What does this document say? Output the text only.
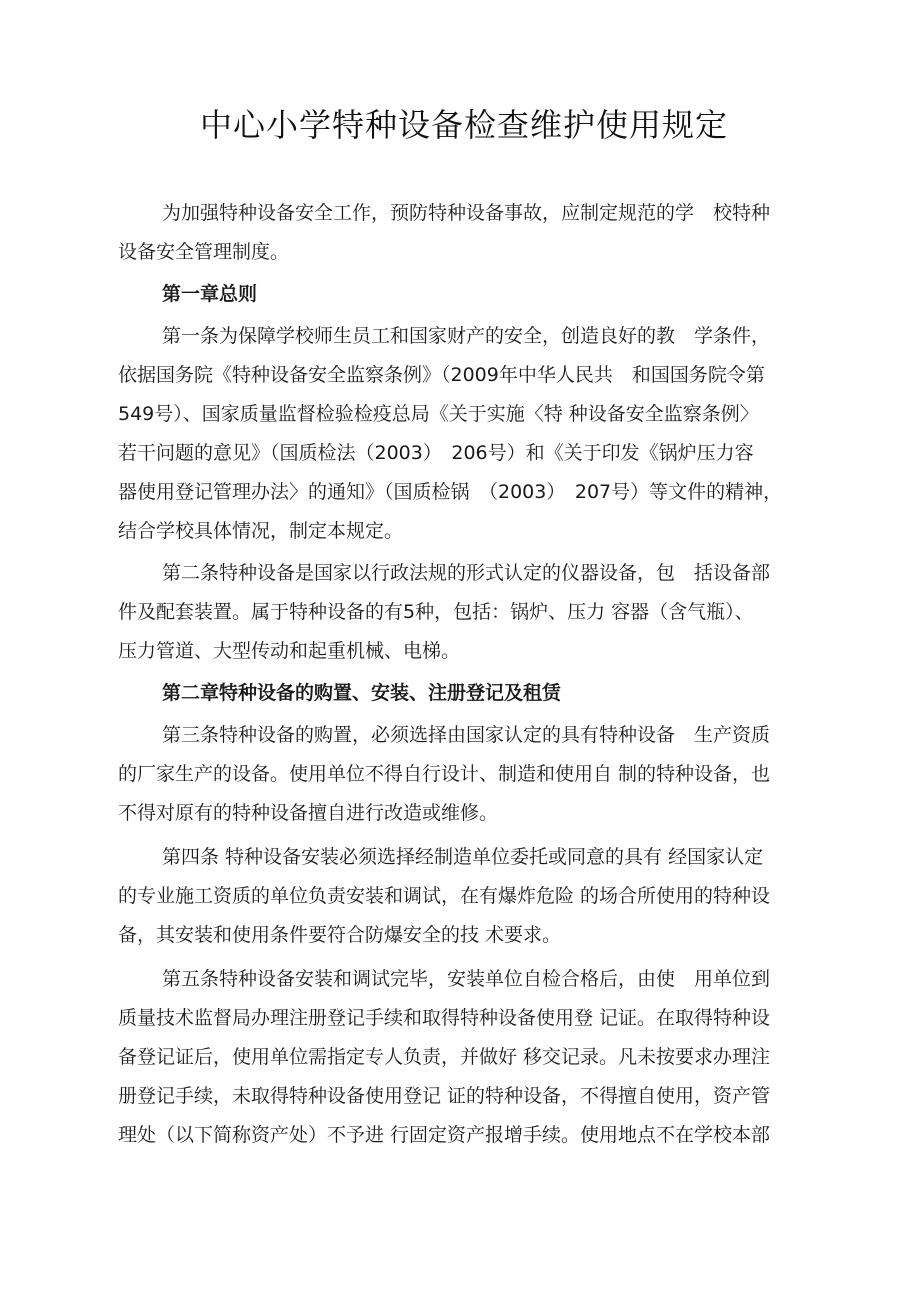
中心小学特种设备检查维护使用规定
为加强特种设备安全工作，预防特种设备事故，应制定规范的学　校特种
设备安全管理制度。
第一章总则
第一条为保障学校师生员工和国家财产的安全，创造良好的教　学条件，
依据国务院《特种设备安全监察条例》（2009年中华人民共　和国国务院令第
549号）、国家质量监督检验检疫总局《关于实施〈特 种设备安全监察条例〉
若干问题的意见》（国质检法（2003）　206号）和《关于印发《锅炉压力容
器使用登记管理办法〉的通知》（国质检锅　（2003）　207号）等文件的精神，
结合学校具体情况，制定本规定。
第二条特种设备是国家以行政法规的形式认定的仪器设备，包　括设备部
件及配套装置。属于特种设备的有5种，包括：锅炉、压力 容器（含气瓶）、
压力管道、大型传动和起重机械、电梯。
第二章特种设备的购置、安装、注册登记及租赁
第三条特种设备的购置，必须选择由国家认定的具有特种设备　生产资质
的厂家生产的设备。使用单位不得自行设计、制造和使用自 制的特种设备，也
不得对原有的特种设备擅自进行改造或维修。
第四条 特种设备安装必须选择经制造单位委托或同意的具有 经国家认定
的专业施工资质的单位负责安装和调试，在有爆炸危险 的场合所使用的特种设
备，其安装和使用条件要符合防爆安全的技 术要求。
第五条特种设备安装和调试完毕，安装单位自检合格后，由使　用单位到
质量技术监督局办理注册登记手续和取得特种设备使用登 记证。在取得特种设
备登记证后，使用单位需指定专人负责，并做好 移交记录。凡未按要求办理注
册登记手续，未取得特种设备使用登记 证的特种设备，不得擅自使用，资产管
理处（以下简称资产处）不予进 行固定资产报增手续。使用地点不在学校本部
